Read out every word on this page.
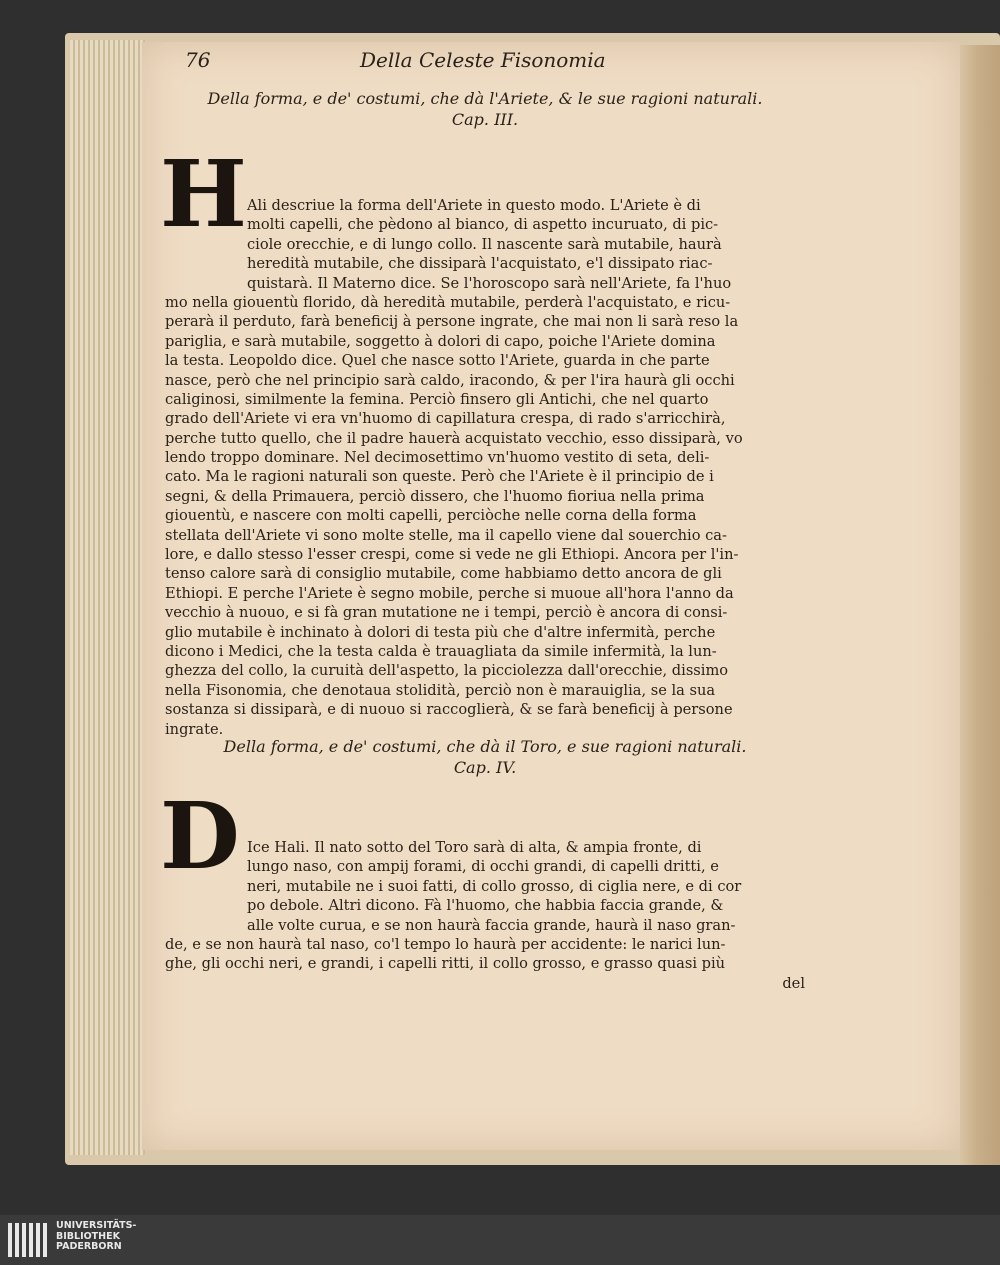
76	Della Celeste Fisonomia
Della forma, e de' costumi, che dà l'Ariete, & le sue ragioni naturali.
Cap. III.
H Ali descriue la forma dell'Ariete in questo modo. L'Ariete è di
molti capelli, che pèdono al bianco, di aspetto incuruato, di pic-
ciole orecchie, e di lungo collo. Il nascente sarà mutabile, haurà
heredità mutabile, che dissiparà l'acquistato, e'l dissipato riac-
quistarà. Il Materno dice. Se l'horoscopo sarà nell'Ariete, fa l'huo
mo nella giouentù florido, dà heredità mutabile, perderà l'acquistato, e ricu-
perarà il perduto, farà beneficij à persone ingrate, che mai non li sarà reso la
pariglia, e sarà mutabile, soggetto à dolori di capo, poiche l'Ariete domina
la testa. Leopoldo dice. Quel che nasce sotto l'Ariete, guarda in che parte
nasce, però che nel principio sarà caldo, iracondo, & per l'ira haurà gli occhi
caliginosi, similmente la femina. Perciò finsero gli Antichi, che nel quarto
grado dell'Ariete vi era vn'huomo di capillatura crespa, di rado s'arricchirà,
perche tutto quello, che il padre hauerà acquistato vecchio, esso dissiparà, vo
lendo troppo dominare. Nel decimosettimo vn'huomo vestito di seta, deli-
cato. Ma le ragioni naturali son queste. Però che l'Ariete è il principio de i
segni, & della Primauera, perciò dissero, che l'huomo fioriua nella prima
giouentù, e nascere con molti capelli, perciòche nelle corna della forma
stellata dell'Ariete vi sono molte stelle, ma il capello viene dal souerchio ca-
lore, e dallo stesso l'esser crespi, come si vede ne gli Ethiopi. Ancora per l'in-
tenso calore sarà di consiglio mutabile, come habbiamo detto ancora de gli
Ethiopi. E perche l'Ariete è segno mobile, perche si muoue all'hora l'anno da
vecchio à nuouo, e si fà gran mutatione ne i tempi, perciò è ancora di consi-
glio mutabile è inchinato à dolori di testa più che d'altre infermità, perche
dicono i Medici, che la testa calda è trauagliata da simile infermità, la lun-
ghezza del collo, la curuità dell'aspetto, la picciolezza dall'orecchie, dissimo
nella Fisonomia, che denotaua stolidità, perciò non è marauiglia, se la sua
sostanza si dissiparà, e di nuouo si raccoglierà, & se farà beneficij à persone
ingrate.
Della forma, e de' costumi, che dà il Toro, e sue ragioni naturali.
Cap. IV.
D Ice Hali. Il nato sotto del Toro sarà di alta, & ampia fronte, di
lungo naso, con ampij forami, di occhi grandi, di capelli dritti, e
neri, mutabile ne i suoi fatti, di collo grosso, di ciglia nere, e di cor
po debole. Altri dicono. Fà l'huomo, che habbia faccia grande, &
alle volte curua, e se non haurà faccia grande, haurà il naso gran-
de, e se non haurà tal naso, co'l tempo lo haurà per accidente: le narici lun-
ghe, gli occhi neri, e grandi, i capelli ritti, il collo grosso, e grasso quasi più
del
UNIVERSITÄTS-
BIBLIOTHEK
PADERBORN
